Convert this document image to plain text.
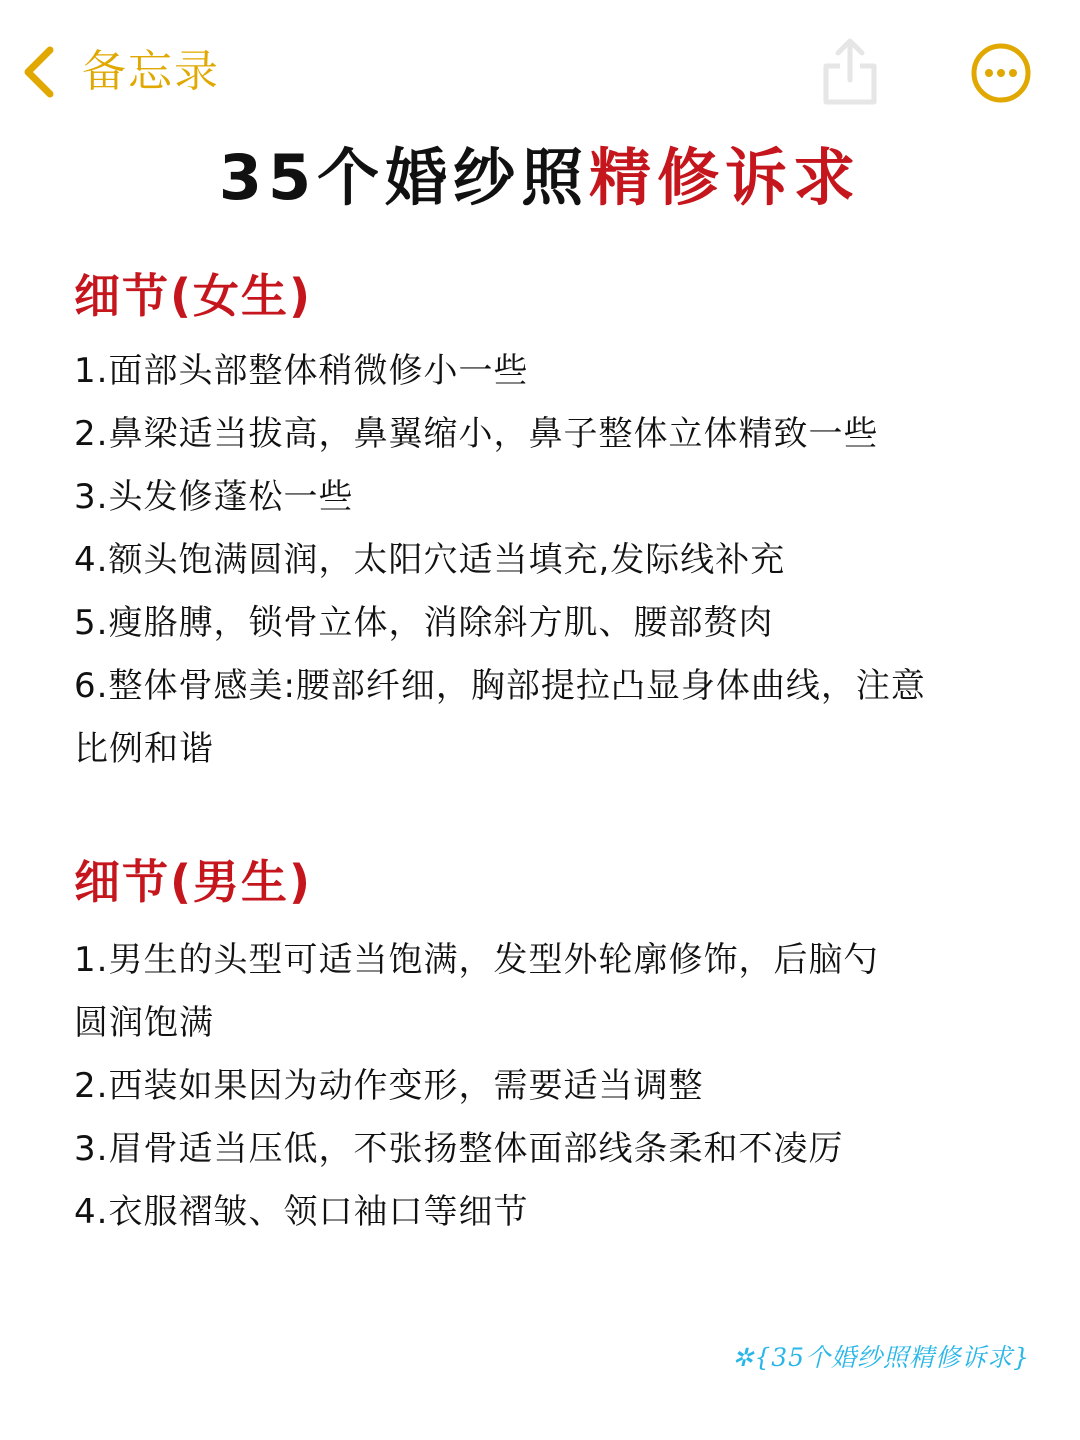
备忘录
35个婚纱照精修诉求
细节(女生)
1.面部头部整体稍微修小一些
2.鼻梁适当拔高，鼻翼缩小，鼻子整体立体精致一些
3.头发修蓬松一些
4.额头饱满圆润，太阳穴适当填充,发际线补充
5.瘦胳膊，锁骨立体，消除斜方肌、腰部赘肉
6.整体骨感美:腰部纤细，胸部提拉凸显身体曲线，注意
比例和谐
细节(男生)
1.男生的头型可适当饱满，发型外轮廓修饰，后脑勺
圆润饱满
2.西装如果因为动作变形，需要适当调整
3.眉骨适当压低，不张扬整体面部线条柔和不凌厉
4.衣服褶皱、领口袖口等细节
✲{35个婚纱照精修诉求}
